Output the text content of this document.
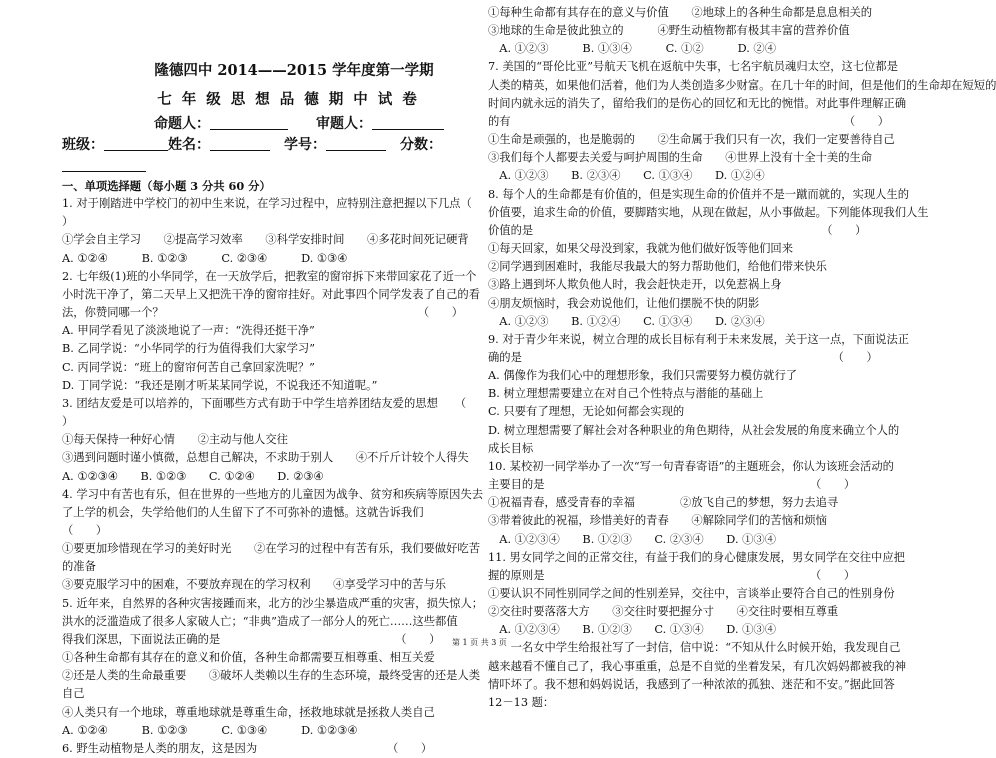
隆德四中 2014——2015 学年度第一学期
七年级思想品德期中试卷
命题人：　　	审题人：
班级：	姓名：　	学号：　	分数：
一、单项选择题（每小题 3 分共 60 分）
1. 对于刚踏进中学校门的初中生来说，在学习过程中，应特别注意把握以下几点（
）
①学会自主学习　　②提高学习效率　　③科学安排时间　　④多花时间死记硬背
A. ①②④　　　B. ①②③　　　C. ②③④　　　D. ①③④
2. 七年级(1)班的小华同学，在一天放学后，把教室的窗帘拆下来带回家花了近一个
小时洗干净了，第二天早上又把洗干净的窗帘挂好。对此事四个同学发表了自己的看
法，你赞同哪一个？　　　　　　　　　　　　　　　　　　　　　　　（　　）
A. 甲同学看见了淡淡地说了一声：“洗得还挺干净”
B. 乙同学说：“小华同学的行为值得我们大家学习”
C. 丙同学说：“班上的窗帘何苦自己拿回家洗呢？”
D. 丁同学说：“我还是刚才听某某同学说，不说我还不知道呢。”
3. 团结友爱是可以培养的，下面哪些方式有助于中学生培养团结友爱的思想　　（
）
①每天保持一种好心情　　②主动与他人交往
③遇到问题时谨小慎微，总想自己解决，不求助于别人　　④不斤斤计较个人得失
A. ①②③④　　B. ①②③　　C. ①②④　　D. ②③④
4. 学习中有苦也有乐，但在世界的一些地方的儿童因为战争、贫穷和疾病等原因失去
了上学的机会，失学给他们的人生留下了不可弥补的遗憾。这就告诉我们
（　　）
①要更加珍惜现在学习的美好时光　　②在学习的过程中有苦有乐，我们要做好吃苦
的准备
③要克服学习中的困难，不要放弃现在的学习权利　　④享受学习中的苦与乐
5. 近年来，自然界的各种灾害接踵而来，北方的沙尘暴造成严重的灾害，损失惊人；
洪水的泛滥造成了很多人家破人亡；“非典”造成了一部分人的死亡……这些都值
得我们深思，下面说法正确的是　　　　　　　　　　　　　　　　（　　）
①各种生命都有其存在的意义和价值，各种生命都需要互相尊重、相互关爱
②还是人类的生命最重要　　③破坏人类赖以生存的生态环境，最终受害的还是人类
自己
④人类只有一个地球，尊重地球就是尊重生命，拯救地球就是拯救人类自己
A. ①②④　　　B. ①②③　　　C. ①③④　　　D. ①②③④
6. 野生动植物是人类的朋友，这是因为　　　　　　　　　　　　（　　）
①每种生命都有其存在的意义与价值　　②地球上的各种生命都是息息相关的
③地球的生命是彼此独立的　　　④野生动植物都有极其丰富的营养价值
　A. ①②③　　　B. ①③④　　　C. ①②　　　D. ②④
7. 美国的“哥伦比亚”号航天飞机在返航中失事，七名宇航员魂归太空，这七位都是
人类的精英，如果他们活着，他们为人类创造多少财富。在几十年的时间，但是他们的生命却在短短的
时间内就永远的消失了，留给我们的是伤心的回忆和无比的惋惜。对此事件理解正确
的有　　　　　　　　　　　　　　　　　　　　　　　　　　　　　　（　　）
①生命是顽强的，也是脆弱的　　②生命属于我们只有一次，我们一定要善待自己
③我们每个人都要去关爱与呵护周围的生命　　④世界上没有十全十美的生命
　A. ①②③　　B. ②③④　　C. ①③④　　D. ①②④
8. 每个人的生命都是有价值的，但是实现生命的价值并不是一蹴而就的，实现人生的
价值要，追求生命的价值，要脚踏实地，从现在做起，从小事做起。下列能体现我们人生
价值的是　　　　　　　　　　　　　　　　　　　　　　　　　　（　　）
①每天回家，如果父母没到家，我就为他们做好饭等他们回来
②同学遇到困难时，我能尽我最大的努力帮助他们，给他们带来快乐
③路上遇到坏人欺负他人时，我会赶快走开，以免惹祸上身
④朋友烦恼时，我会劝说他们，让他们摆脱不快的阴影
　A. ①②③　　B. ①②④　　C. ①③④　　D. ②③④
9. 对于青少年来说，树立合理的成长目标有利于未来发展，关于这一点，下面说法正
确的是　　　　　　　　　　　　　　　　　　　　　　　　　　　　（　　）
A. 偶像作为我们心中的理想形象，我们只需要努力模仿就行了
B. 树立理想需要建立在对自己个性特点与潜能的基础上
C. 只要有了理想，无论如何都会实现的
D. 树立理想需要了解社会对各种职业的角色期待，从社会发展的角度来确立个人的
成长目标
10. 某校初一同学举办了一次“写一句青春寄语”的主题班会，你认为该班会活动的
主要目的是　　　　　　　　　　　　　　　　　　　　　　　　（　　）
①祝福青春，感受青春的幸福　　　　②放飞自己的梦想，努力去追寻
③带着彼此的祝福，珍惜美好的青春　　④解除同学们的苦恼和烦恼
　A. ①②③④　　B. ①②③　　C. ②③④　　D. ①③④
11. 男女同学之间的正常交往，有益于我们的身心健康发展，男女同学在交往中应把
握的原则是　　　　　　　　　　　　　　　　　　　　　　　　（　　）
①要认识不同性别同学之间的性别差异，交往中，言谈举止要符合自己的性别身份
②交往时要落落大方　　③交往时要把握分寸　　④交往时要相互尊重
　A. ①②③④　　B. ①②③　　C. ①③④　　D. ①③④
　　一名女中学生给报社写了一封信，信中说：“不知从什么时候开始，我发现自己
越来越看不懂自己了，我心事重重，总是不自觉的坐着发呆，有几次妈妈都被我的神
情吓坏了。我不想和妈妈说话，我感到了一种浓浓的孤独、迷茫和不安。”据此回答
12－13 题：
第 1 页 共 3 页
